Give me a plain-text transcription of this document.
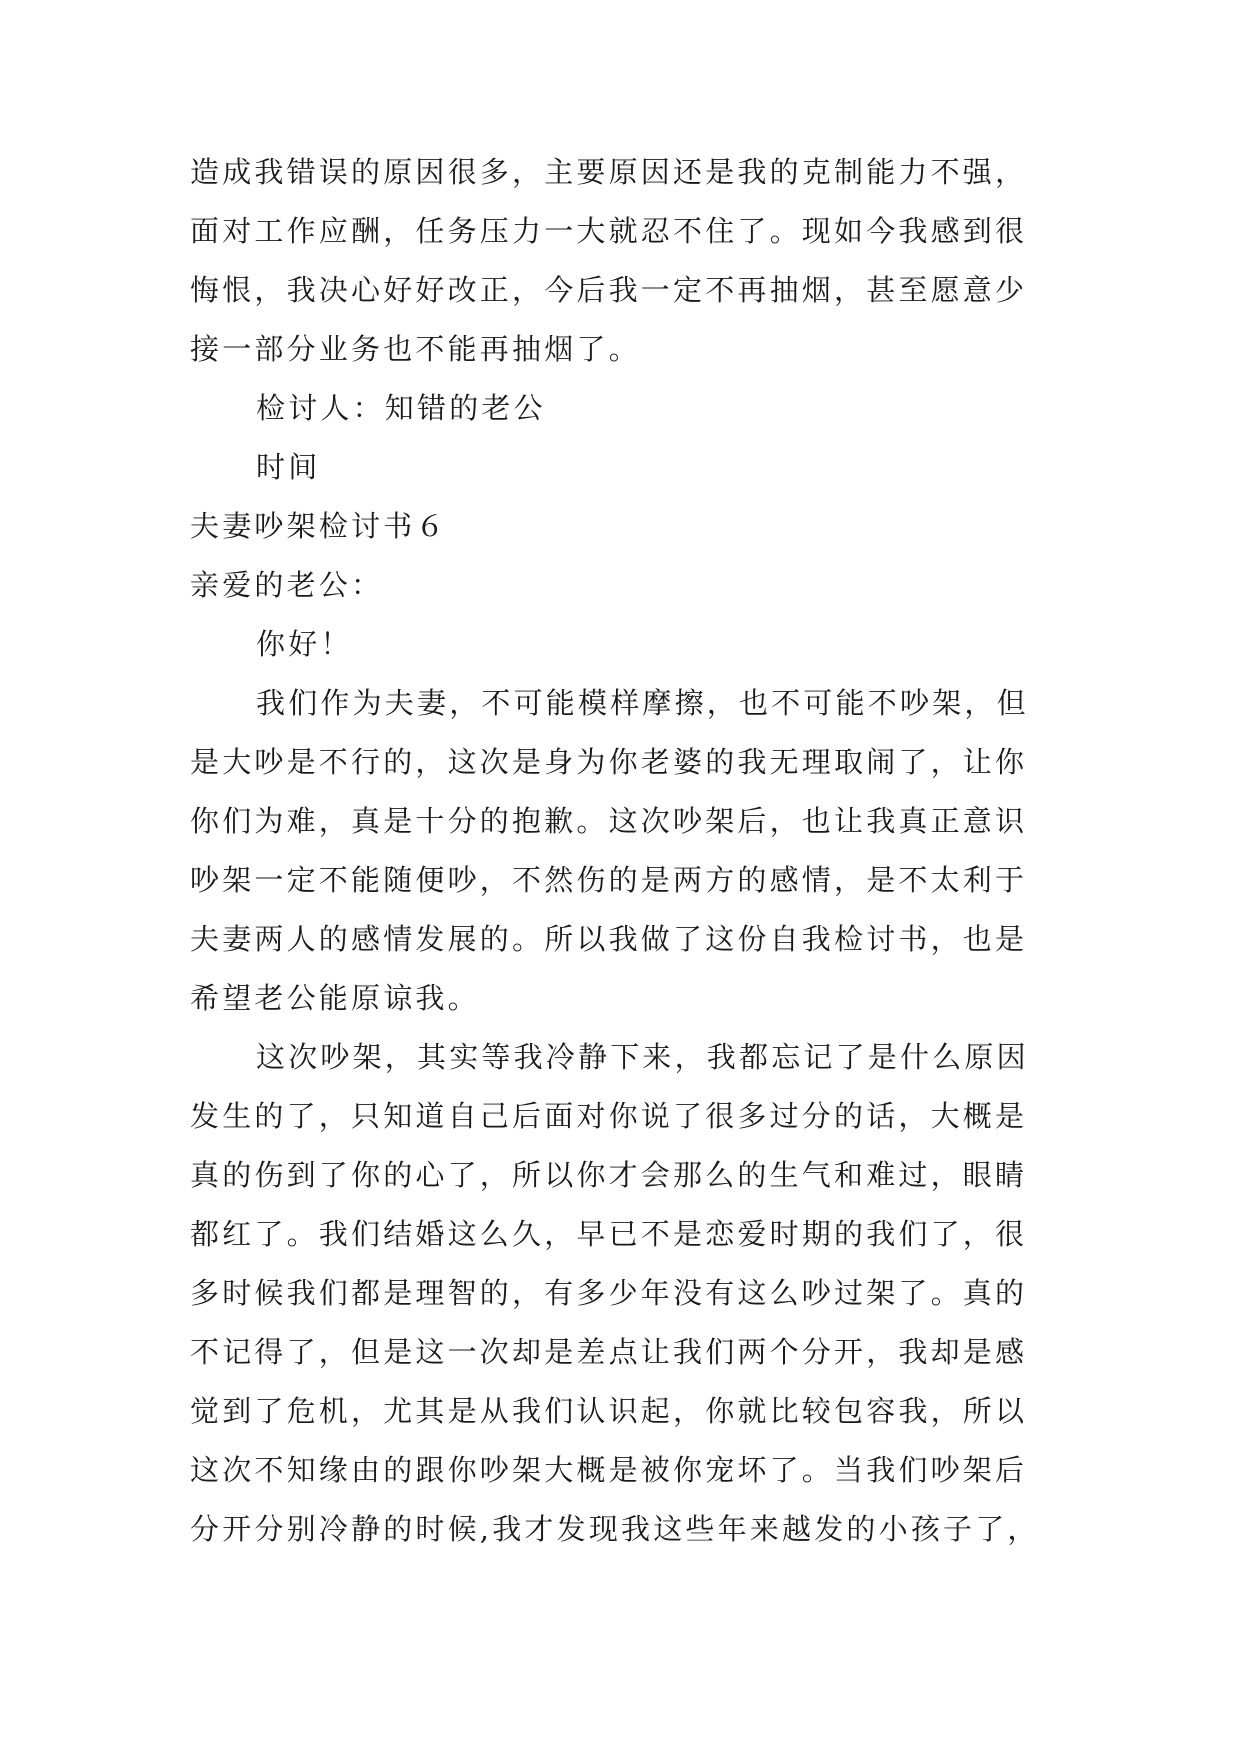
造成我错误的原因很多，主要原因还是我的克制能力不强，
面对工作应酬，任务压力一大就忍不住了。现如今我感到很
悔恨，我决心好好改正，今后我一定不再抽烟，甚至愿意少
接一部分业务也不能再抽烟了。
检讨人：知错的老公
时间
夫妻吵架检讨书６
亲爱的老公：
你好！
我们作为夫妻，不可能模样摩擦，也不可能不吵架，但
是大吵是不行的，这次是身为你老婆的我无理取闹了，让你
你们为难，真是十分的抱歉。这次吵架后，也让我真正意识
吵架一定不能随便吵，不然伤的是两方的感情，是不太利于
夫妻两人的感情发展的。所以我做了这份自我检讨书，也是
希望老公能原谅我。
这次吵架，其实等我冷静下来，我都忘记了是什么原因
发生的了，只知道自己后面对你说了很多过分的话，大概是
真的伤到了你的心了，所以你才会那么的生气和难过，眼睛
都红了。我们结婚这么久，早已不是恋爱时期的我们了，很
多时候我们都是理智的，有多少年没有这么吵过架了。真的
不记得了，但是这一次却是差点让我们两个分开，我却是感
觉到了危机，尤其是从我们认识起，你就比较包容我，所以
这次不知缘由的跟你吵架大概是被你宠坏了。当我们吵架后
分开分别冷静的时候,我才发现我这些年来越发的小孩子了，
